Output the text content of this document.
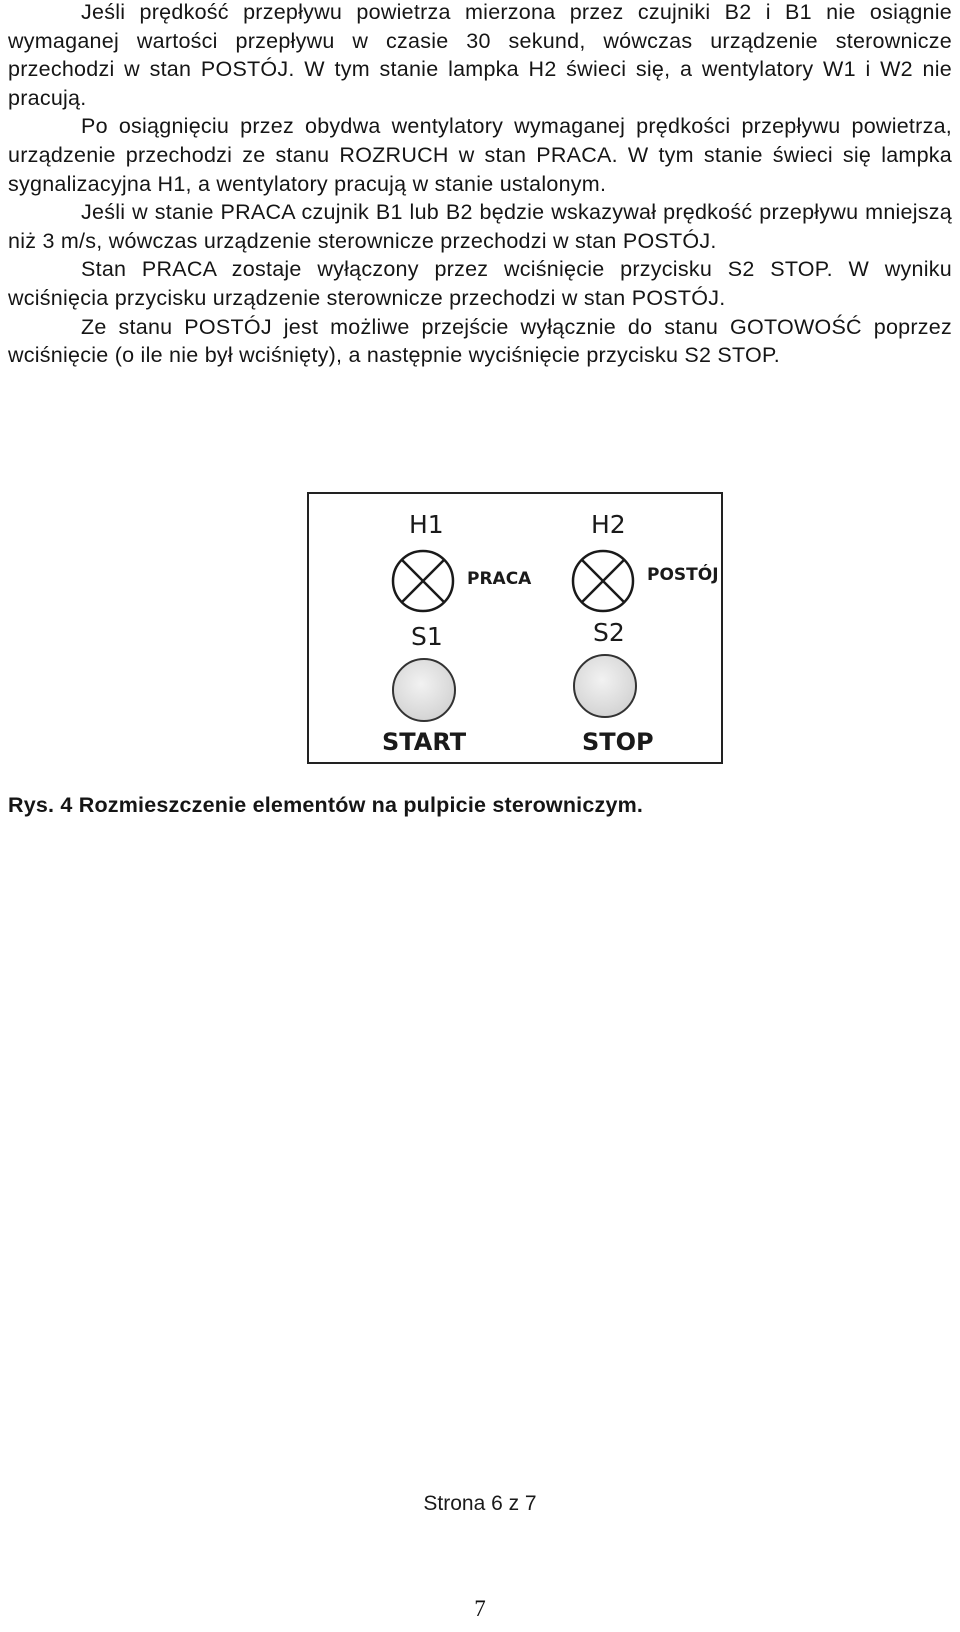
Jeśli prędkość przepływu powietrza mierzona przez czujniki B2 i B1 nie osiągnie wymaganej wartości przepływu w czasie 30 sekund, wówczas urządzenie sterownicze przechodzi w stan POSTÓJ. W tym stanie lampka H2 świeci się, a wentylatory W1 i W2 nie pracują.

Po osiągnięciu przez obydwa wentylatory wymaganej prędkości przepływu powietrza, urządzenie przechodzi ze stanu ROZRUCH w stan PRACA. W tym stanie świeci się lampka sygnalizacyjna H1, a wentylatory pracują w stanie ustalonym.

Jeśli w stanie PRACA czujnik B1 lub B2 będzie wskazywał prędkość przepływu mniejszą niż 3 m/s, wówczas urządzenie sterownicze przechodzi w stan POSTÓJ.

Stan PRACA zostaje wyłączony przez wciśnięcie przycisku S2 STOP. W wyniku wciśnięcia przycisku urządzenie sterownicze przechodzi w stan POSTÓJ.

Ze stanu POSTÓJ jest możliwe przejście wyłącznie do stanu GOTOWOŚĆ poprzez wciśnięcie (o ile nie był wciśnięty), a następnie wyciśnięcie przycisku S2 STOP.

H1
PRACA
H2
POSTÓJ
S1
START
S2
STOP
Rys. 4 Rozmieszczenie elementów na pulpicie sterowniczym.
Strona 6 z 7
7
